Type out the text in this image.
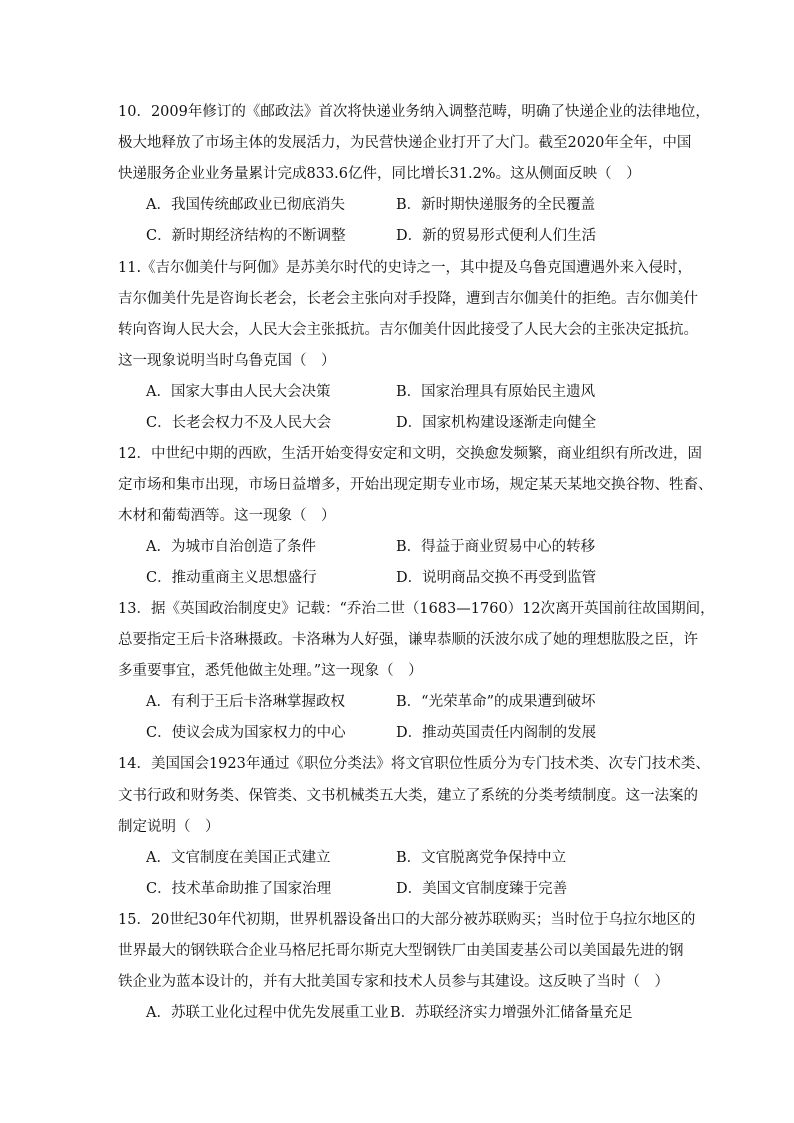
10．2009年修订的《邮政法》首次将快递业务纳入调整范畴，明确了快递企业的法律地位，
极大地释放了市场主体的发展活力，为民营快递企业打开了大门。截至2020年全年，中国
快递服务企业业务量累计完成833.6亿件，同比增长31.2%。这从侧面反映（　）
A．我国传统邮政业已彻底消失	B．新时期快递服务的全民覆盖
C．新时期经济结构的不断调整	D．新的贸易形式便利人们生活
11.《吉尔伽美什与阿伽》是苏美尔时代的史诗之一，其中提及乌鲁克国遭遇外来入侵时，
吉尔伽美什先是咨询长老会，长老会主张向对手投降，遭到吉尔伽美什的拒绝。吉尔伽美什
转向咨询人民大会，人民大会主张抵抗。吉尔伽美什因此接受了人民大会的主张决定抵抗。
这一现象说明当时乌鲁克国（　）
A．国家大事由人民大会决策	B．国家治理具有原始民主遗风
C．长老会权力不及人民大会	D．国家机构建设逐渐走向健全
12．中世纪中期的西欧，生活开始变得安定和文明，交换愈发频繁，商业组织有所改进，固
定市场和集市出现，市场日益增多，开始出现定期专业市场，规定某天某地交换谷物、牲畜、
木材和葡萄酒等。这一现象（　）
A．为城市自治创造了条件	B．得益于商业贸易中心的转移
C．推动重商主义思想盛行	D．说明商品交换不再受到监管
13．据《英国政治制度史》记载：“乔治二世（1683—1760）12次离开英国前往故国期间，
总要指定王后卡洛琳摄政。卡洛琳为人好强，谦卑恭顺的沃波尔成了她的理想肱股之臣，许
多重要事宜，悉凭他做主处理。”这一现象（　）
A．有利于王后卡洛琳掌握政权	B．“光荣革命”的成果遭到破坏
C．使议会成为国家权力的中心	D．推动英国责任内阁制的发展
14．美国国会1923年通过《职位分类法》将文官职位性质分为专门技术类、次专门技术类、
文书行政和财务类、保管类、文书机械类五大类，建立了系统的分类考绩制度。这一法案的
制定说明（　）
A．文官制度在美国正式建立	B．文官脱离党争保持中立
C．技术革命助推了国家治理	D．美国文官制度臻于完善
15．20世纪30年代初期，世界机器设备出口的大部分被苏联购买；当时位于乌拉尔地区的
世界最大的钢铁联合企业马格尼托哥尔斯克大型钢铁厂由美国麦基公司以美国最先进的钢
铁企业为蓝本设计的，并有大批美国专家和技术人员参与其建设。这反映了当时（　）
A．苏联工业化过程中优先发展重工业 B．苏联经济实力增强外汇储备量充足
